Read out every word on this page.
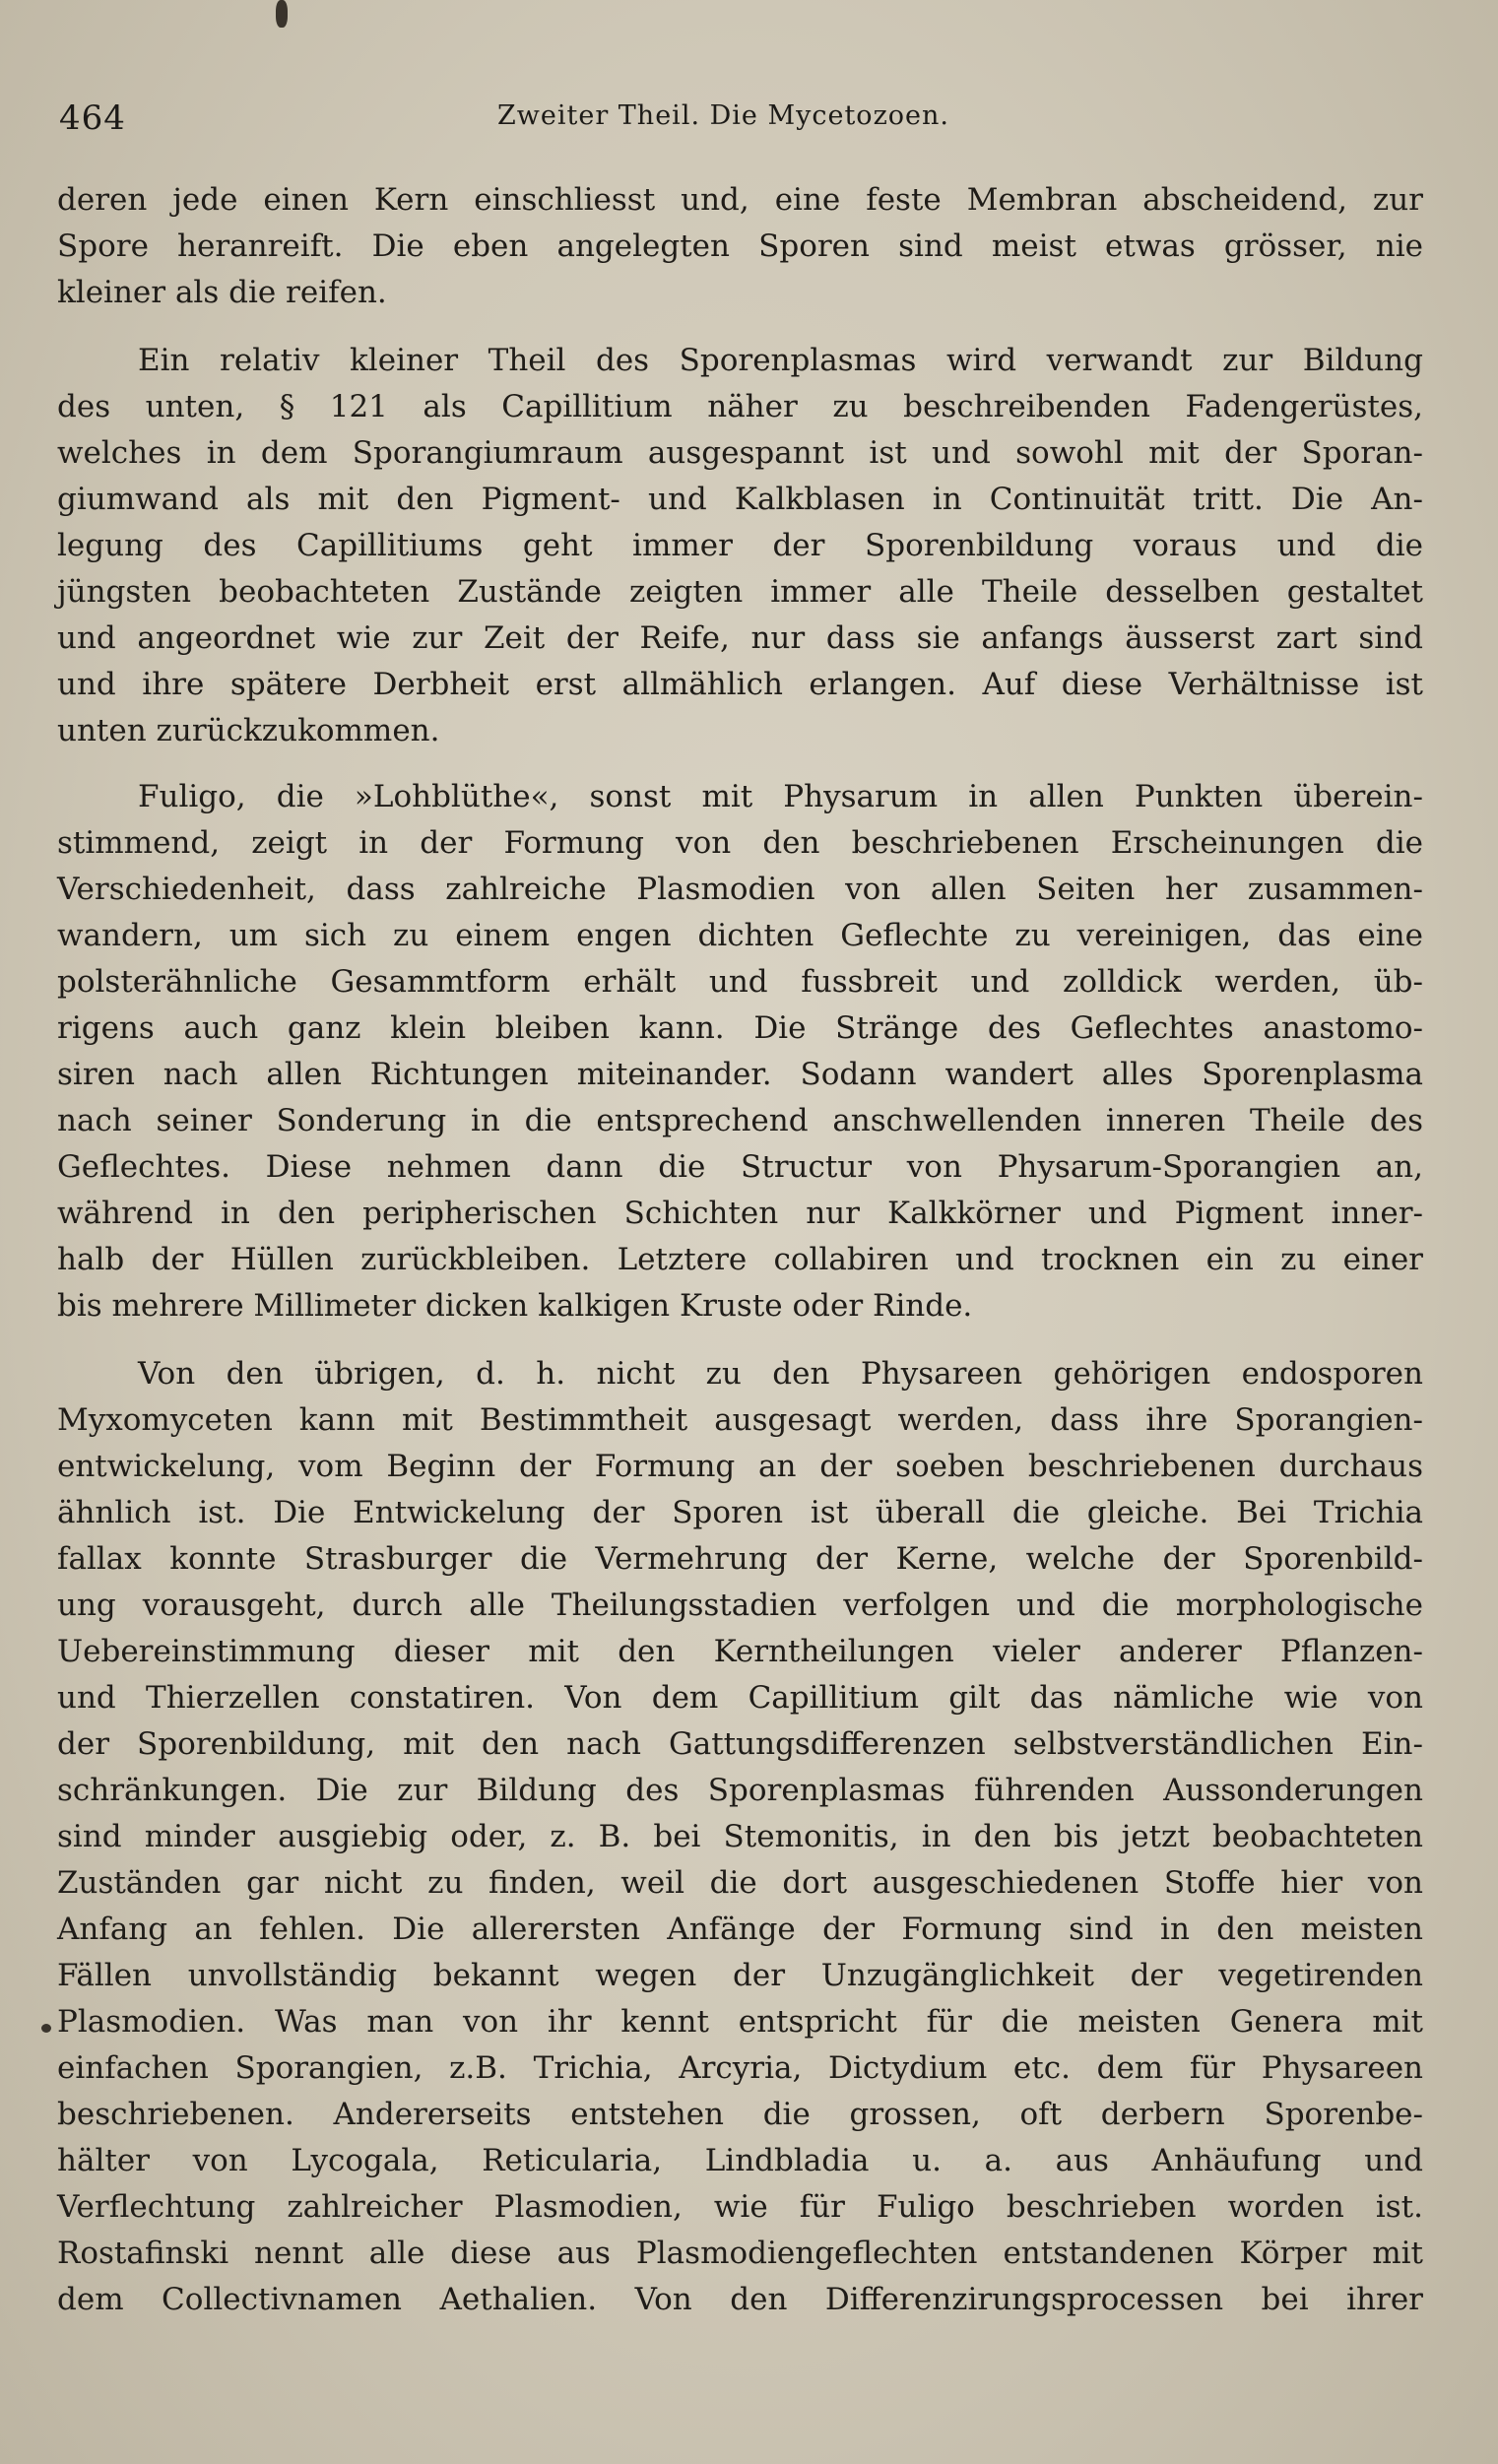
464	Zweiter Theil. Die Mycetozoen.

deren jede einen Kern einschliesst und, eine feste Membran abscheidend, zur
Spore heranreift. Die eben angelegten Sporen sind meist etwas grösser, nie
kleiner als die reifen.

Ein relativ kleiner Theil des Sporenplasmas wird verwandt zur Bildung
des unten, § 121 als Capillitium näher zu beschreibenden Fadengerüstes,
welches in dem Sporangiumraum ausgespannt ist und sowohl mit der Sporan-
giumwand als mit den Pigment- und Kalkblasen in Continuität tritt. Die An-
legung des Capillitiums geht immer der Sporenbildung voraus und die
jüngsten beobachteten Zustände zeigten immer alle Theile desselben gestaltet
und angeordnet wie zur Zeit der Reife, nur dass sie anfangs äusserst zart sind
und ihre spätere Derbheit erst allmählich erlangen. Auf diese Verhältnisse ist
unten zurückzukommen.

Fuligo, die »Lohblüthe«, sonst mit Physarum in allen Punkten überein-
stimmend, zeigt in der Formung von den beschriebenen Erscheinungen die
Verschiedenheit, dass zahlreiche Plasmodien von allen Seiten her zusammen-
wandern, um sich zu einem engen dichten Geflechte zu vereinigen, das eine
polsterähnliche Gesammtform erhält und fussbreit und zolldick werden, üb-
rigens auch ganz klein bleiben kann. Die Stränge des Geflechtes anastomo-
siren nach allen Richtungen miteinander. Sodann wandert alles Sporenplasma
nach seiner Sonderung in die entsprechend anschwellenden inneren Theile des
Geflechtes. Diese nehmen dann die Structur von Physarum-Sporangien an,
während in den peripherischen Schichten nur Kalkkörner und Pigment inner-
halb der Hüllen zurückbleiben. Letztere collabiren und trocknen ein zu einer
bis mehrere Millimeter dicken kalkigen Kruste oder Rinde.

Von den übrigen, d. h. nicht zu den Physareen gehörigen endosporen
Myxomyceten kann mit Bestimmtheit ausgesagt werden, dass ihre Sporangien-
entwickelung, vom Beginn der Formung an der soeben beschriebenen durchaus
ähnlich ist. Die Entwickelung der Sporen ist überall die gleiche. Bei Trichia
fallax konnte Strasburger die Vermehrung der Kerne, welche der Sporenbild-
ung vorausgeht, durch alle Theilungsstadien verfolgen und die morphologische
Uebereinstimmung dieser mit den Kerntheilungen vieler anderer Pflanzen-
und Thierzellen constatiren. Von dem Capillitium gilt das nämliche wie von
der Sporenbildung, mit den nach Gattungsdifferenzen selbstverständlichen Ein-
schränkungen. Die zur Bildung des Sporenplasmas führenden Aussonderungen
sind minder ausgiebig oder, z. B. bei Stemonitis, in den bis jetzt beobachteten
Zuständen gar nicht zu finden, weil die dort ausgeschiedenen Stoffe hier von
Anfang an fehlen. Die allerersten Anfänge der Formung sind in den meisten
Fällen unvollständig bekannt wegen der Unzugänglichkeit der vegetirenden
Plasmodien. Was man von ihr kennt entspricht für die meisten Genera mit
einfachen Sporangien, z.B. Trichia, Arcyria, Dictydium etc. dem für Physareen
beschriebenen. Andererseits entstehen die grossen, oft derbern Sporenbe-
hälter von Lycogala, Reticularia, Lindbladia u. a. aus Anhäufung und
Verflechtung zahlreicher Plasmodien, wie für Fuligo beschrieben worden ist.
Rostafinski nennt alle diese aus Plasmodiengeflechten entstandenen Körper mit
dem Collectivnamen Aethalien. Von den Differenzirungsprocessen bei ihrer
